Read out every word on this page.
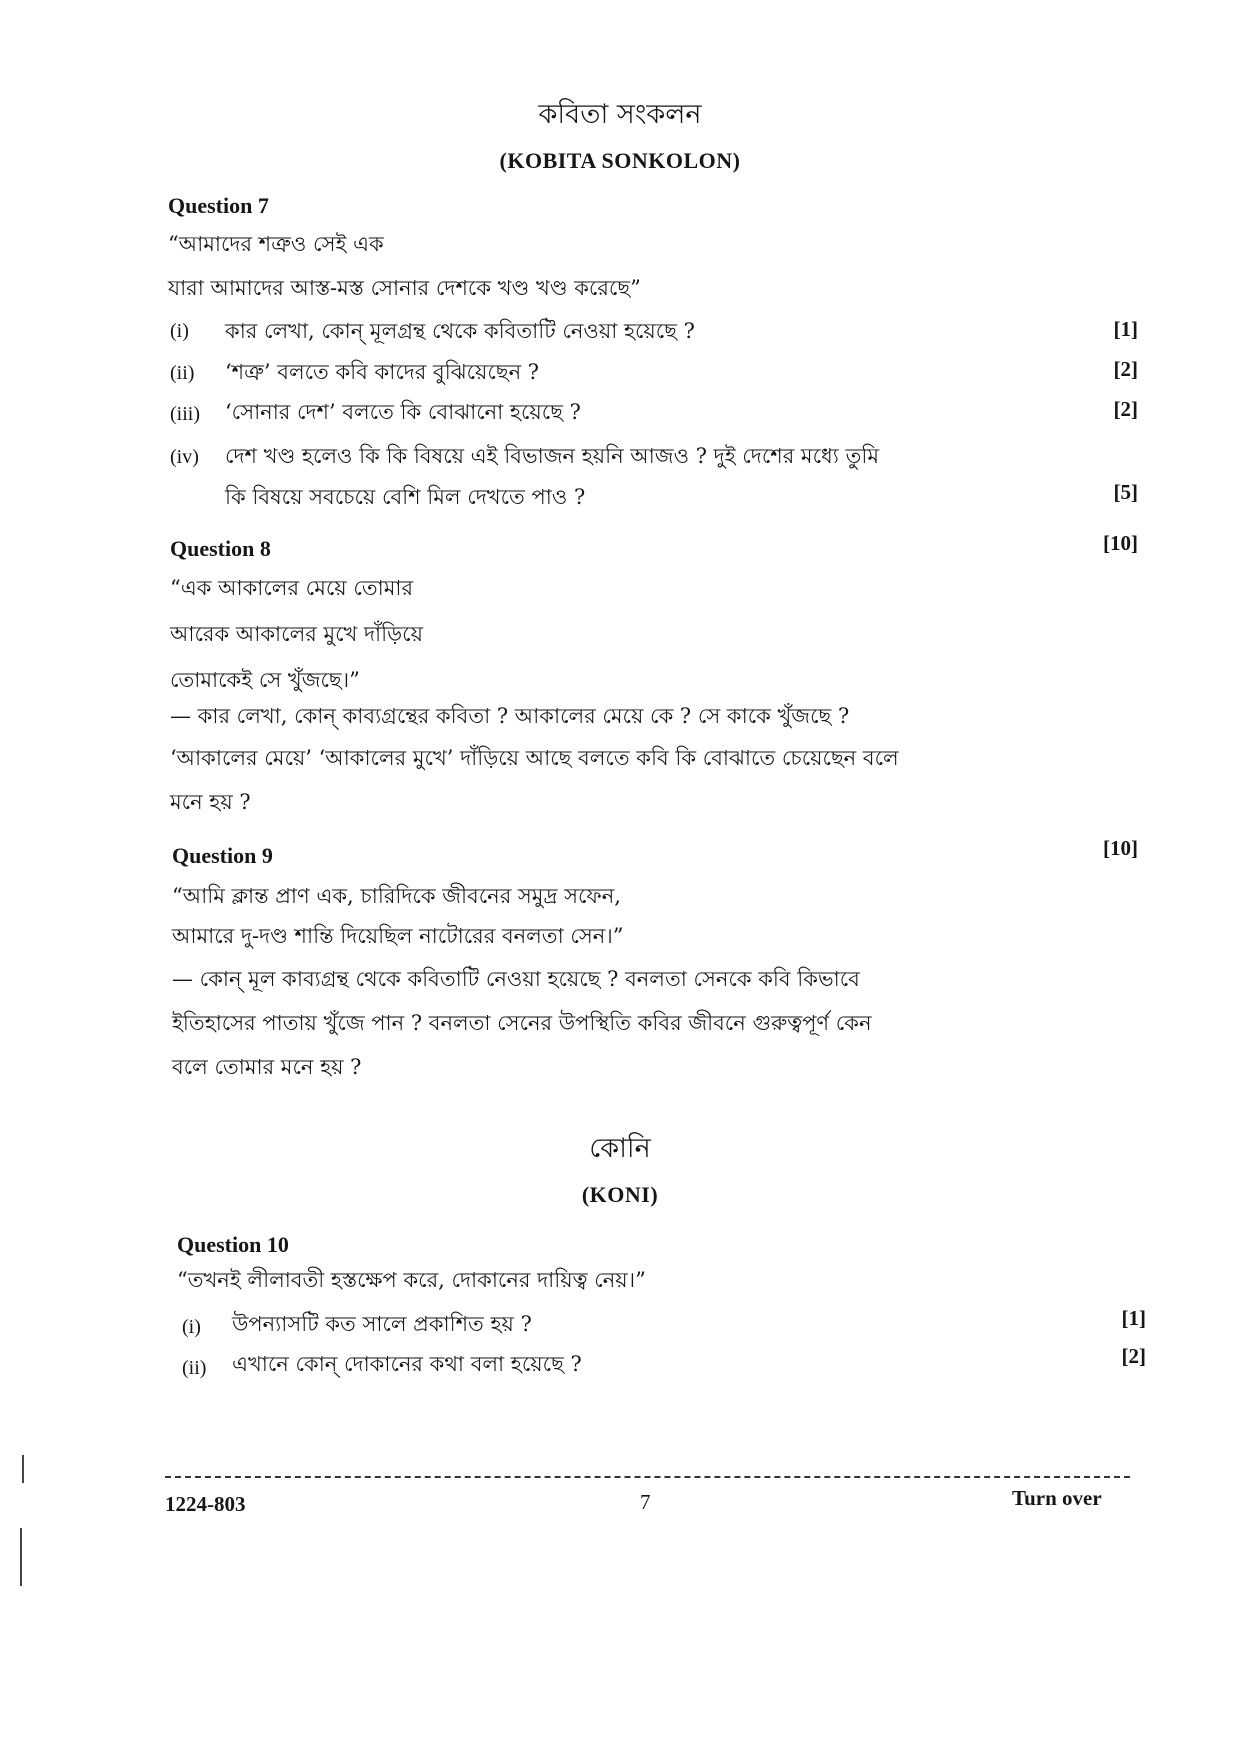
কবিতা সংকলন
(KOBITA SONKOLON)
Question 7
“আমাদের শত্রুও সেই এক
যারা আমাদের আস্ত-মস্ত সোনার দেশকে খণ্ড খণ্ড করেছে”
(i) কার লেখা, কোন্ মূলগ্রন্থ থেকে কবিতাটি নেওয়া হয়েছে ?	[1]
(ii) ‘শত্রু’ বলতে কবি কাদের বুঝিয়েছেন ?	[2]
(iii) ‘সোনার দেশ’ বলতে কি বোঝানো হয়েছে ?	[2]
(iv) দেশ খণ্ড হলেও কি কি বিষয়ে এই বিভাজন হয়নি আজও ? দুই দেশের মধ্যে তুমি
কি বিষয়ে সবচেয়ে বেশি মিল দেখতে পাও ?	[5]
Question 8	[10]
“এক আকালের মেয়ে তোমার
আরেক আকালের মুখে দাঁড়িয়ে
তোমাকেই সে খুঁজছে।”
— কার লেখা, কোন্ কাব্যগ্রন্থের কবিতা ? আকালের মেয়ে কে ? সে কাকে খুঁজছে ?
‘আকালের মেয়ে’ ‘আকালের মুখে’ দাঁড়িয়ে আছে বলতে কবি কি বোঝাতে চেয়েছেন বলে
মনে হয় ?
Question 9	[10]
“আমি ক্লান্ত প্রাণ এক, চারিদিকে জীবনের সমুদ্র সফেন,
আমারে দু-দণ্ড শান্তি দিয়েছিল নাটোরের বনলতা সেন।”
— কোন্ মূল কাব্যগ্রন্থ থেকে কবিতাটি নেওয়া হয়েছে ? বনলতা সেনকে কবি কিভাবে
ইতিহাসের পাতায় খুঁজে পান ? বনলতা সেনের উপস্থিতি কবির জীবনে গুরুত্বপূর্ণ কেন
বলে তোমার মনে হয় ?
কোনি
(KONI)
Question 10
“তখনই লীলাবতী হস্তক্ষেপ করে, দোকানের দায়িত্ব নেয়।”
(i) উপন্যাসটি কত সালে প্রকাশিত হয় ?	[1]
(ii) এখানে কোন্ দোকানের কথা বলা হয়েছে ?	[2]
1224-803	7	Turn over
